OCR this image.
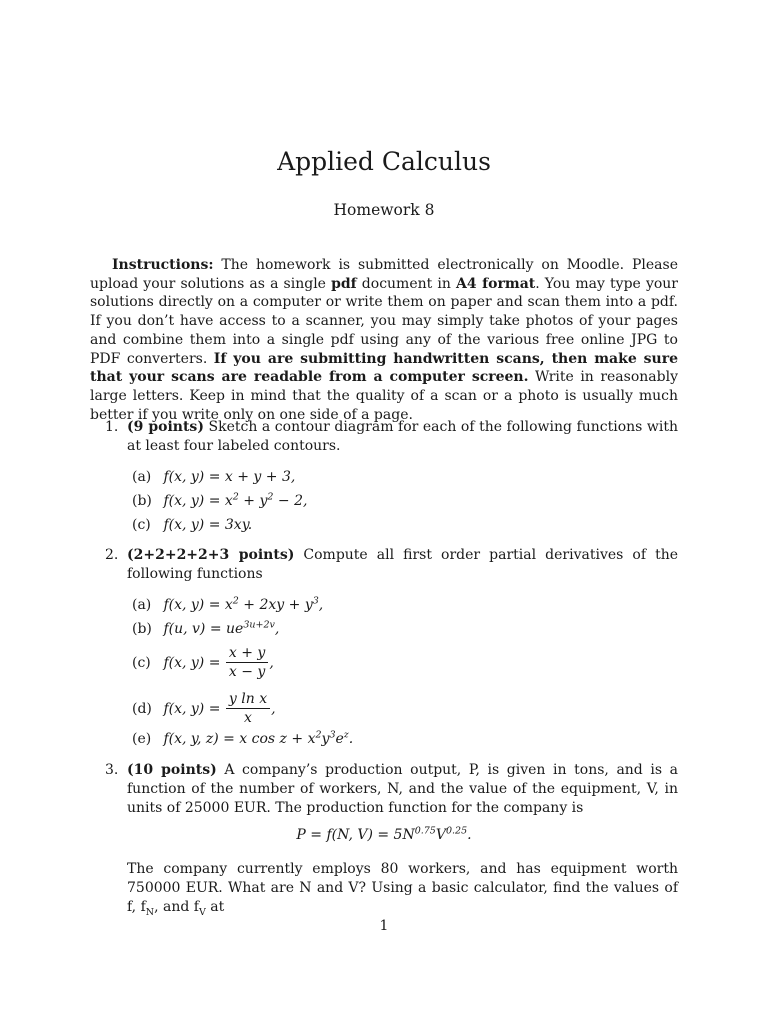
Applied Calculus
Homework 8
Instructions: The homework is submitted electronically on Moodle. Please upload your solutions as a single pdf document in A4 format. You may type your solutions directly on a computer or write them on paper and scan them into a pdf. If you don’t have access to a scanner, you may simply take photos of your pages and combine them into a single pdf using any of the various free online JPG to PDF converters. If you are submitting handwritten scans, then make sure that your scans are readable from a computer screen. Write in reasonably large letters. Keep in mind that the quality of a scan or a photo is usually much better if you write only on one side of a page.
1. (9 points) Sketch a contour diagram for each of the following functions with at least four labeled contours.
(a) f(x, y) = x + y + 3,
(b) f(x, $y) = x^2 + y^2 - 2$,
(c) f(x, y) = 3xy.
2. (2+2+2+2+3 points) Compute all first order partial derivatives of the following functions
(a) f(x, $y) = x^2 + 2xy + y^3$,
(b) f(u, $v) = ue^{3u+2v}$,
(c) f(x, $y) = \frac{x + y}{x - y}$ ,
(d) f(x, $y) = \frac{\text{y ln x}}{x}$ ,
(e) f(x, y, z) = x $\cos z + x^2y^3e^z$.
3. (10 points) A company’s production output, P, is given in tons, and is a function of the number of workers, N, and the value of the equipment, V, in units of 25000 EUR. The production function for the company is
P = f(N, $V) = 5N^{0.75}V^{0.25}$.
The company currently employs 80 workers, and has equipment worth 750000 EUR. What are N and V? Using a basic calculator, find the values of f, $f_N$, and $f_V$ at
1
